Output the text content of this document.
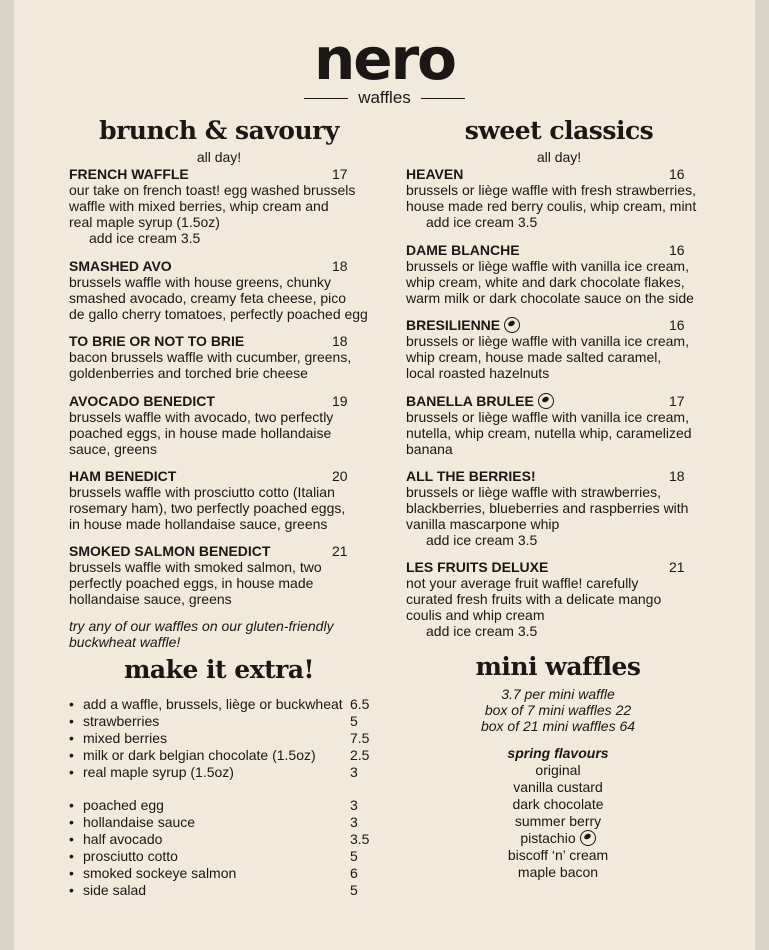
nero
waffles
brunch & savoury
all day!
FRENCH WAFFLE	17
our take on french toast! egg washed brussels
waffle with mixed berries, whip cream and
real maple syrup (1.5oz)
add ice cream 3.5
SMASHED AVO	18
brussels waffle with house greens, chunky
smashed avocado, creamy feta cheese, pico
de gallo cherry tomatoes, perfectly poached egg
TO BRIE OR NOT TO BRIE	18
bacon brussels waffle with cucumber, greens,
goldenberries and torched brie cheese
AVOCADO BENEDICT	19
brussels waffle with avocado, two perfectly
poached eggs, in house made hollandaise
sauce, greens
HAM BENEDICT	20
brussels waffle with prosciutto cotto (Italian
rosemary ham), two perfectly poached eggs,
in house made hollandaise sauce, greens
SMOKED SALMON BENEDICT	21
brussels waffle with smoked salmon, two
perfectly poached eggs, in house made
hollandaise sauce, greens
try any of our waffles on our gluten-friendly
buckwheat waffle!
sweet classics
all day!
HEAVEN	16
brussels or liège waffle with fresh strawberries,
house made red berry coulis, whip cream, mint
add ice cream 3.5
DAME BLANCHE	16
brussels or liège waffle with vanilla ice cream,
whip cream, white and dark chocolate flakes,
warm milk or dark chocolate sauce on the side
BRESILIENNE	16
brussels or liège waffle with vanilla ice cream,
whip cream, house made salted caramel,
local roasted hazelnuts
BANELLA BRULEE	17
brussels or liège waffle with vanilla ice cream,
nutella, whip cream, nutella whip, caramelized
banana
ALL THE BERRIES!	18
brussels or liège waffle with strawberries,
blackberries, blueberries and raspberries with
vanilla mascarpone whip
add ice cream 3.5
LES FRUITS DELUXE	21
not your average fruit waffle! carefully
curated fresh fruits with a delicate mango
coulis and whip cream
add ice cream 3.5
make it extra!
• add a waffle, brussels, liège or buckwheat 6.5
• strawberries	5
• mixed berries	7.5
• milk or dark belgian chocolate (1.5oz) 2.5
• real maple syrup (1.5oz)	3
• poached egg	3
• hollandaise sauce	3
• half avocado	3.5
• prosciutto cotto	5
• smoked sockeye salmon	6
• side salad	5
mini waffles
3.7 per mini waffle
box of 7 mini waffles 22
box of 21 mini waffles 64
spring flavours
original
vanilla custard
dark chocolate
summer berry
pistachio
biscoff ‘n’ cream
maple bacon
